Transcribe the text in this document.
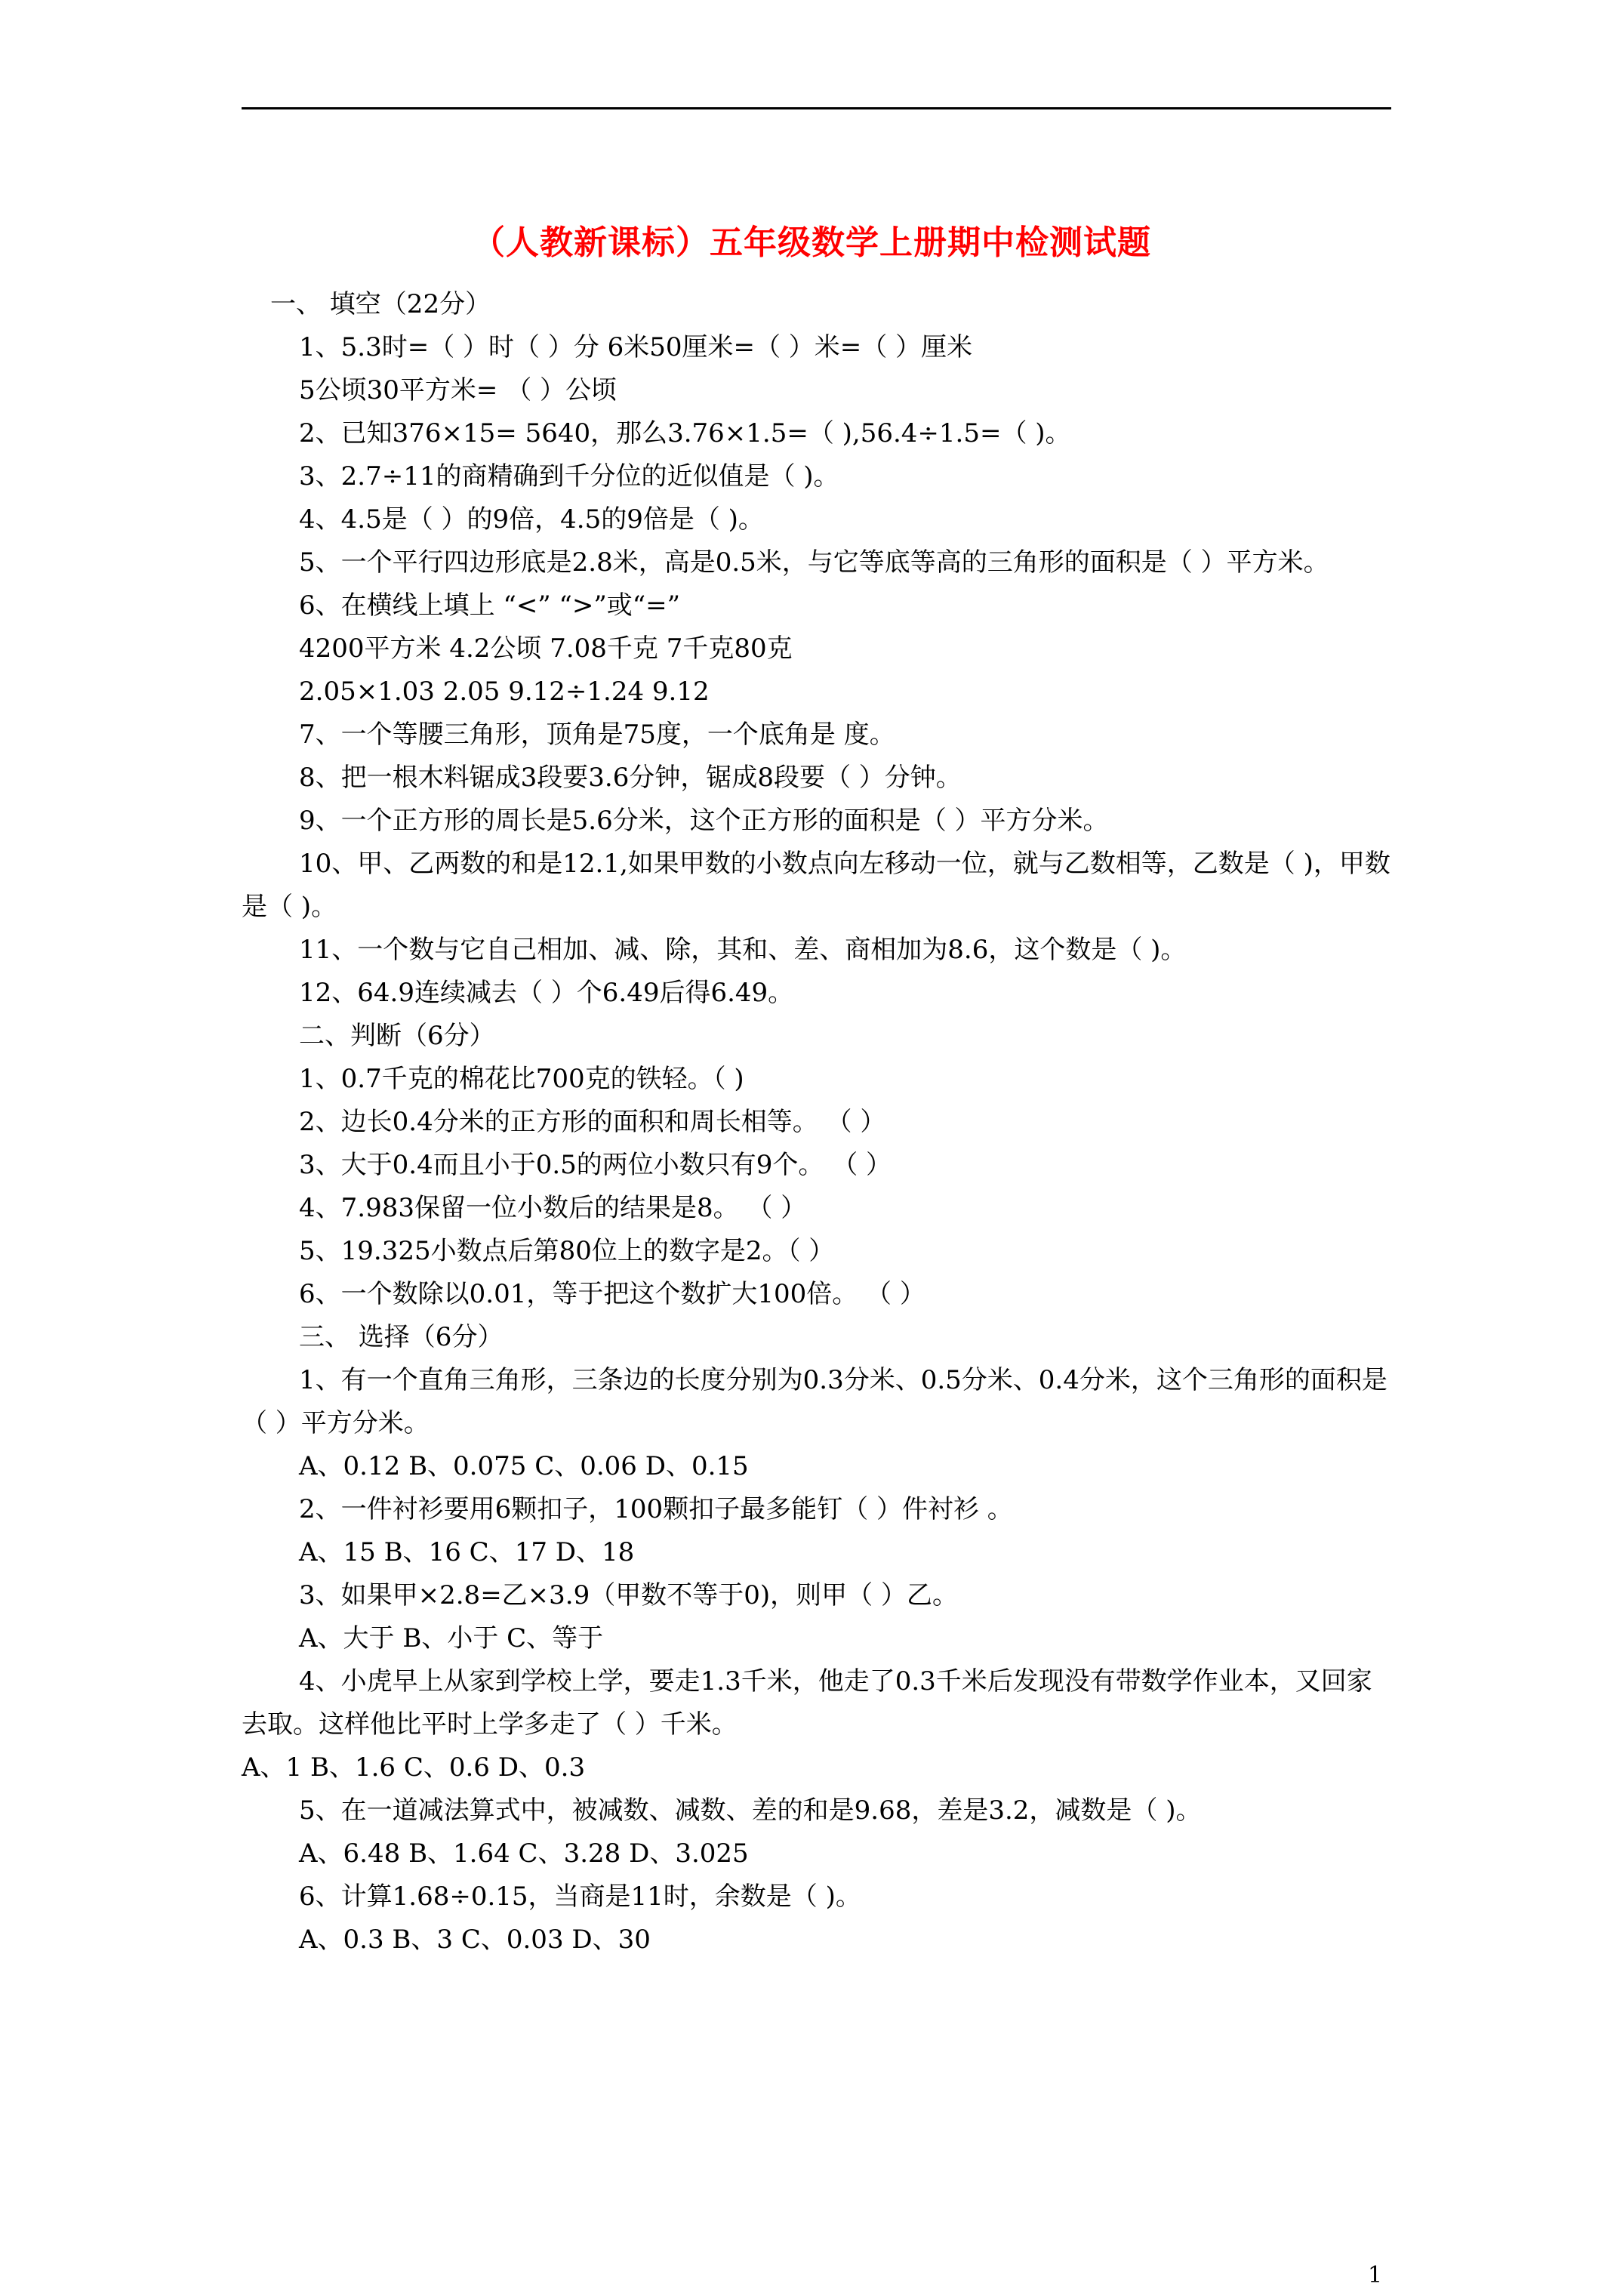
（人教新课标）五年级数学上册期中检测试题
一、 填空（22分）
1、5.3时=（ ）时（ ）分 6米50厘米=（ ）米=（ ）厘米
5公顷30平方米= （ ）公顷
2、已知376×15= 5640，那么3.76×1.5=（ ),56.4÷1.5=（ )。
3、2.7÷11的商精确到千分位的近似值是（ )。
4、4.5是（ ）的9倍，4.5的9倍是（ )。
5、一个平行四边形底是2.8米，高是0.5米，与它等底等高的三角形的面积是（ ）平方米。
6、在横线上填上 “<” “>”或“=”
4200平方米 4.2公顷 7.08千克 7千克80克
2.05×1.03 2.05 9.12÷1.24 9.12
7、一个等腰三角形，顶角是75度，一个底角是 度。
8、把一根木料锯成3段要3.6分钟，锯成8段要（ ）分钟。
9、一个正方形的周长是5.6分米，这个正方形的面积是（ ）平方分米。
10、甲、乙两数的和是12.1,如果甲数的小数点向左移动一位，就与乙数相等，乙数是（ )，甲数是（ )。
11、一个数与它自己相加、减、除，其和、差、商相加为8.6，这个数是（ )。
12、64.9连续减去（ ）个6.49后得6.49。
二、判断（6分）
1、0.7千克的棉花比700克的铁轻。（ )
2、边长0.4分米的正方形的面积和周长相等。 （ ）
3、大于0.4而且小于0.5的两位小数只有9个。 （ ）
4、7.983保留一位小数后的结果是8。 （ ）
5、19.325小数点后第80位上的数字是2。（ ）
6、一个数除以0.01，等于把这个数扩大100倍。 （ ）
三、 选择（6分）
1、有一个直角三角形，三条边的长度分别为0.3分米、0.5分米、0.4分米，这个三角形的面积是（ ）平方分米。
A、0.12 B、0.075 C、0.06 D、0.15
2、一件衬衫要用6颗扣子，100颗扣子最多能钉（ ）件衬衫 。
A、15 B、16 C、17 D、18
3、如果甲×2.8=乙×3.9（甲数不等于0)，则甲（ ）乙。
A、大于 B、小于 C、等于
4、小虎早上从家到学校上学，要走1.3千米，他走了0.3千米后发现没有带数学作业本，又回家去取。这样他比平时上学多走了（ ）千米。
A、1 B、1.6 C、0.6 D、0.3
5、在一道减法算式中，被减数、减数、差的和是9.68，差是3.2，减数是（ )。
A、6.48 B、1.64 C、3.28 D、3.025
6、计算1.68÷0.15，当商是11时，余数是（ )。
A、0.3 B、3 C、0.03 D、30
1
